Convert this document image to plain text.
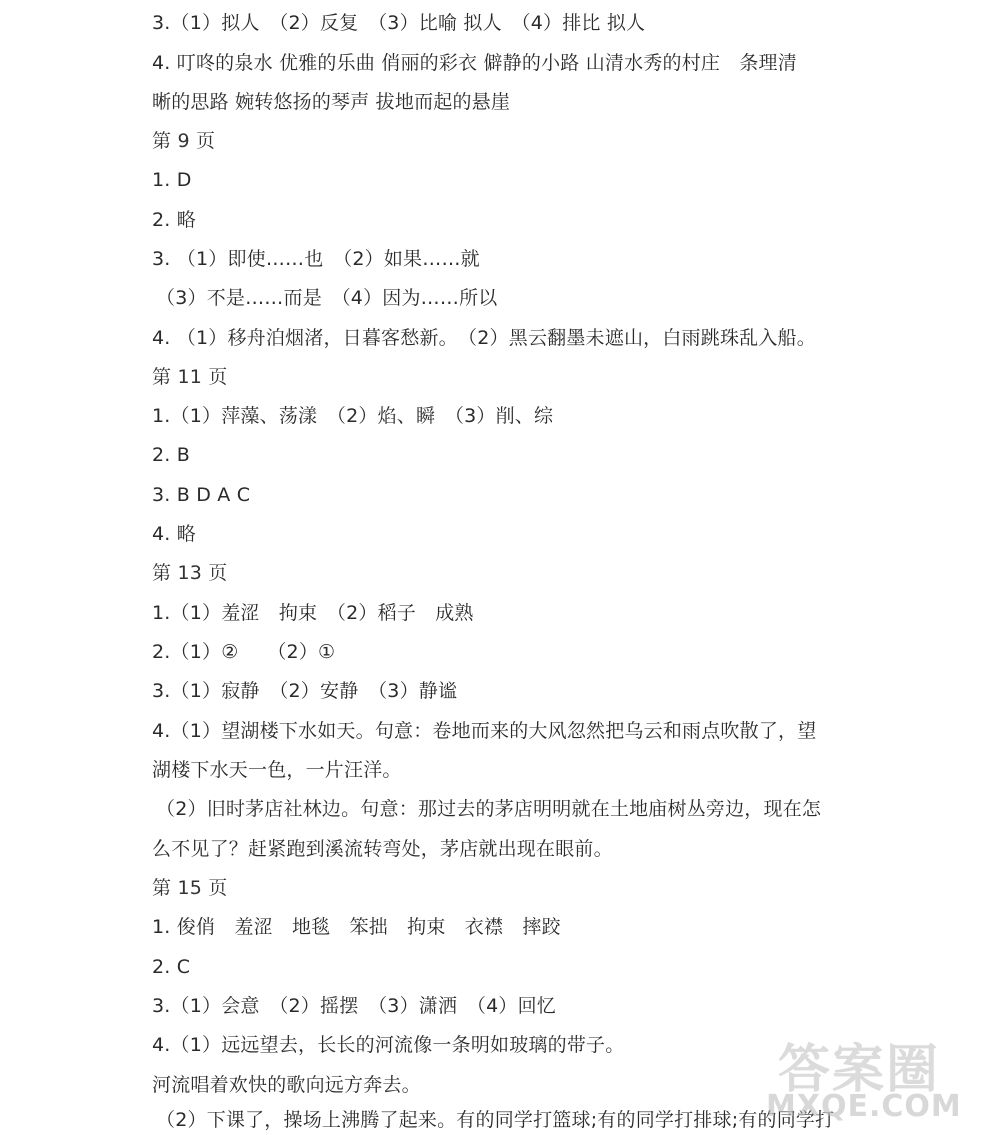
3.（1）拟人　（2）反复　（3）比喻 拟人　（4）排比 拟人
4. 叮咚的泉水 优雅的乐曲 俏丽的彩衣 僻静的小路 山清水秀的村庄　条理清
晰的思路 婉转悠扬的琴声 拔地而起的悬崖
第 9 页
1. D
2. 略
3. （1）即使……也　（2）如果……就
（3）不是……而是　（4）因为……所以
4. （1）移舟泊烟渚，日暮客愁新。　（2）黑云翻墨未遮山，白雨跳珠乱入船。
第 11 页
1.（1）萍藻、荡漾　（2）焰、瞬　（3）削、综
2. B
3. B D A C
4. 略
第 13 页
1.（1）羞涩　拘束　（2）稻子　成熟
2.（1）②　　（2）①
3.（1）寂静　（2）安静　（3）静谧
4.（1）望湖楼下水如天。句意：卷地而来的大风忽然把乌云和雨点吹散了，望
湖楼下水天一色，一片汪洋。
（2）旧时茅店社林边。句意：那过去的茅店明明就在土地庙树丛旁边，现在怎
么不见了？赶紧跑到溪流转弯处，茅店就出现在眼前。
第 15 页
1. 俊俏　羞涩　地毯　笨拙　拘束　衣襟　摔跤
2. C
3.（1）会意　（2）摇摆　（3）潇洒　（4）回忆
4.（1）远远望去，长长的河流像一条明如玻璃的带子。
河流唱着欢快的歌向远方奔去。
（2）下课了，操场上沸腾了起来。有的同学打篮球;有的同学打排球;有的同学打
答案圈
MXQE.COM
